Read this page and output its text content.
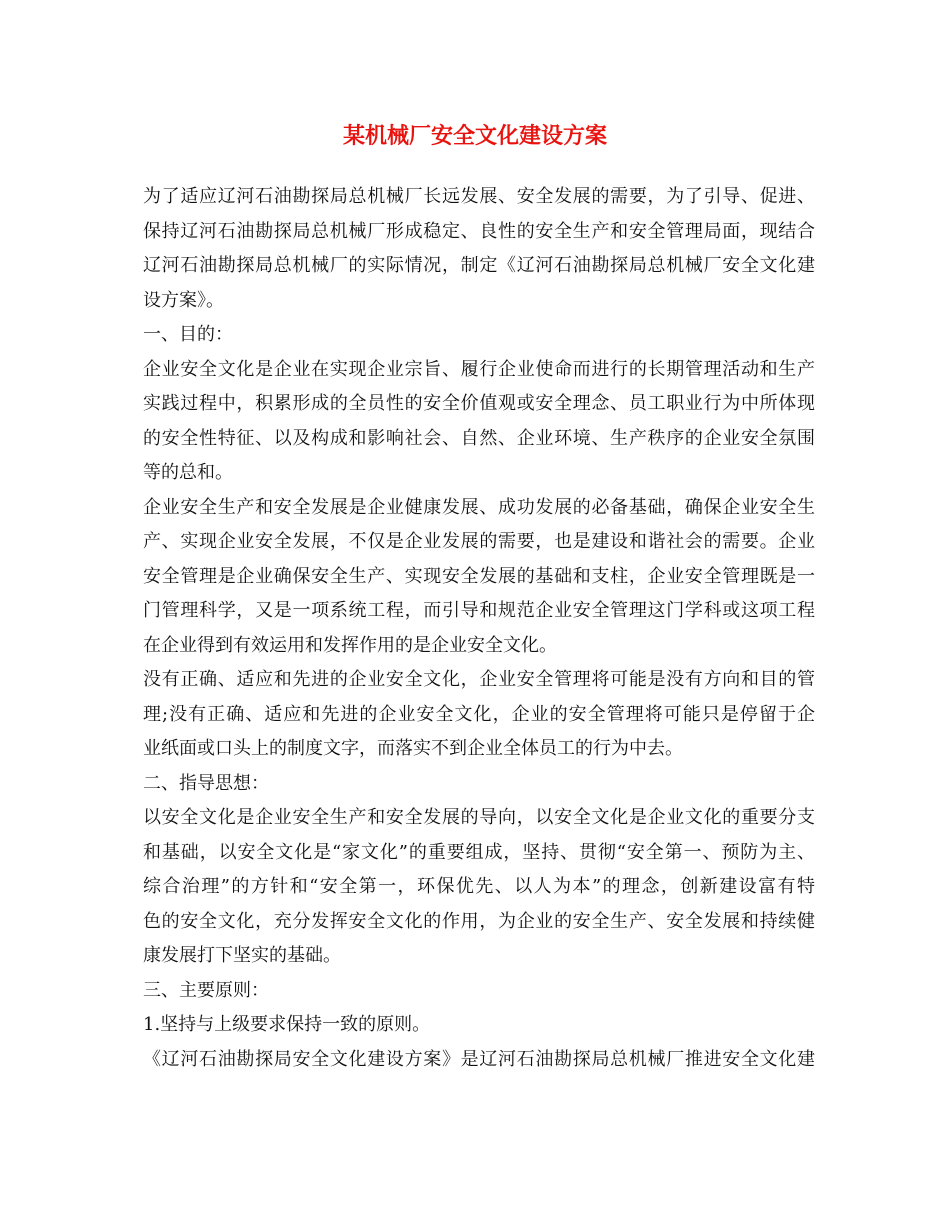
某机械厂安全文化建设方案
为了适应辽河石油勘探局总机械厂长远发展、安全发展的需要，为了引导、促进、
保持辽河石油勘探局总机械厂形成稳定、良性的安全生产和安全管理局面，现结合
辽河石油勘探局总机械厂的实际情况，制定《辽河石油勘探局总机械厂安全文化建
设方案》。
一、目的：
企业安全文化是企业在实现企业宗旨、履行企业使命而进行的长期管理活动和生产
实践过程中，积累形成的全员性的安全价值观或安全理念、员工职业行为中所体现
的安全性特征、以及构成和影响社会、自然、企业环境、生产秩序的企业安全氛围
等的总和。
企业安全生产和安全发展是企业健康发展、成功发展的必备基础，确保企业安全生
产、实现企业安全发展，不仅是企业发展的需要，也是建设和谐社会的需要。企业
安全管理是企业确保安全生产、实现安全发展的基础和支柱，企业安全管理既是一
门管理科学，又是一项系统工程，而引导和规范企业安全管理这门学科或这项工程
在企业得到有效运用和发挥作用的是企业安全文化。
没有正确、适应和先进的企业安全文化，企业安全管理将可能是没有方向和目的管
理;没有正确、适应和先进的企业安全文化，企业的安全管理将可能只是停留于企
业纸面或口头上的制度文字，而落实不到企业全体员工的行为中去。
二、指导思想：
以安全文化是企业安全生产和安全发展的导向，以安全文化是企业文化的重要分支
和基础，以安全文化是“家文化”的重要组成，坚持、贯彻“安全第一、预防为主、
综合治理”的方针和“安全第一，环保优先、以人为本”的理念，创新建设富有特
色的安全文化，充分发挥安全文化的作用，为企业的安全生产、安全发展和持续健
康发展打下坚实的基础。
三、主要原则：
1.坚持与上级要求保持一致的原则。
《辽河石油勘探局安全文化建设方案》是辽河石油勘探局总机械厂推进安全文化建
